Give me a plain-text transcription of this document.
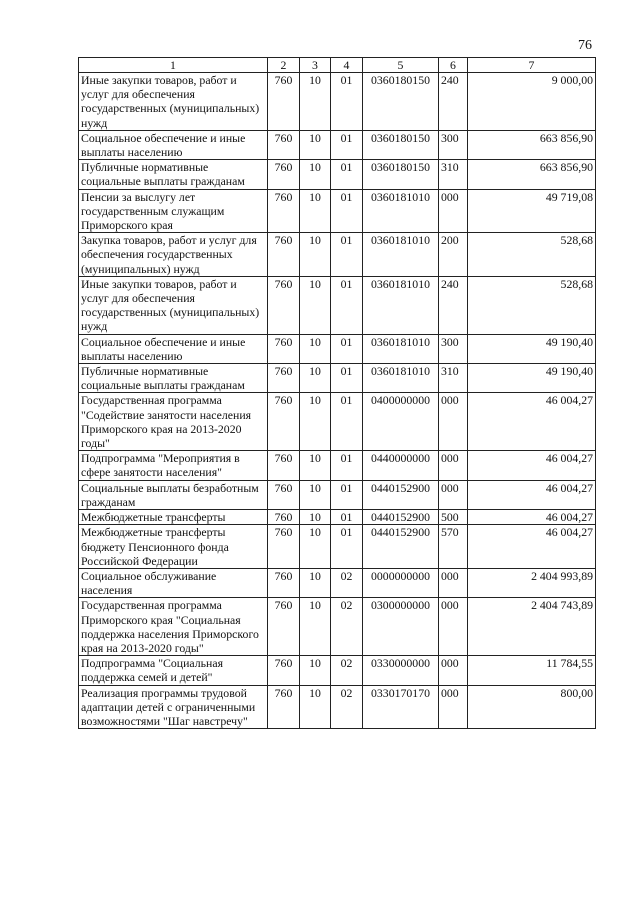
76
1	2	3	4	5	6	7
Иные закупки товаров, работ и услуг для обеспечения государственных (муниципальных) нужд	760	10	01	0360180150	240	9 000,00
Социальное обеспечение и иные выплаты населению	760	10	01	0360180150	300	663 856,90
Публичные нормативные социальные выплаты гражданам	760	10	01	0360180150	310	663 856,90
Пенсии за выслугу лет государственным служащим Приморского края	760	10	01	0360181010	000	49 719,08
Закупка товаров, работ и услуг для обеспечения государственных (муниципальных) нужд	760	10	01	0360181010	200	528,68
Иные закупки товаров, работ и услуг для обеспечения государственных (муниципальных) нужд	760	10	01	0360181010	240	528,68
Социальное обеспечение и иные выплаты населению	760	10	01	0360181010	300	49 190,40
Публичные нормативные социальные выплаты гражданам	760	10	01	0360181010	310	49 190,40
Государственная программа "Содействие занятости населения Приморского края на 2013-2020 годы"	760	10	01	0400000000	000	46 004,27
Подпрограмма "Мероприятия в сфере занятости населения"	760	10	01	0440000000	000	46 004,27
Социальные выплаты безработным гражданам	760	10	01	0440152900	000	46 004,27
Межбюджетные трансферты	760	10	01	0440152900	500	46 004,27
Межбюджетные трансферты бюджету Пенсионного фонда Российской Федерации	760	10	01	0440152900	570	46 004,27
Социальное обслуживание населения	760	10	02	0000000000	000	2 404 993,89
Государственная программа Приморского края "Социальная поддержка населения Приморского края на 2013-2020 годы"	760	10	02	0300000000	000	2 404 743,89
Подпрограмма "Социальная поддержка семей и детей"	760	10	02	0330000000	000	11 784,55
Реализация программы трудовой адаптации детей с ограниченными возможностями "Шаг навстречу"	760	10	02	0330170170	000	800,00
